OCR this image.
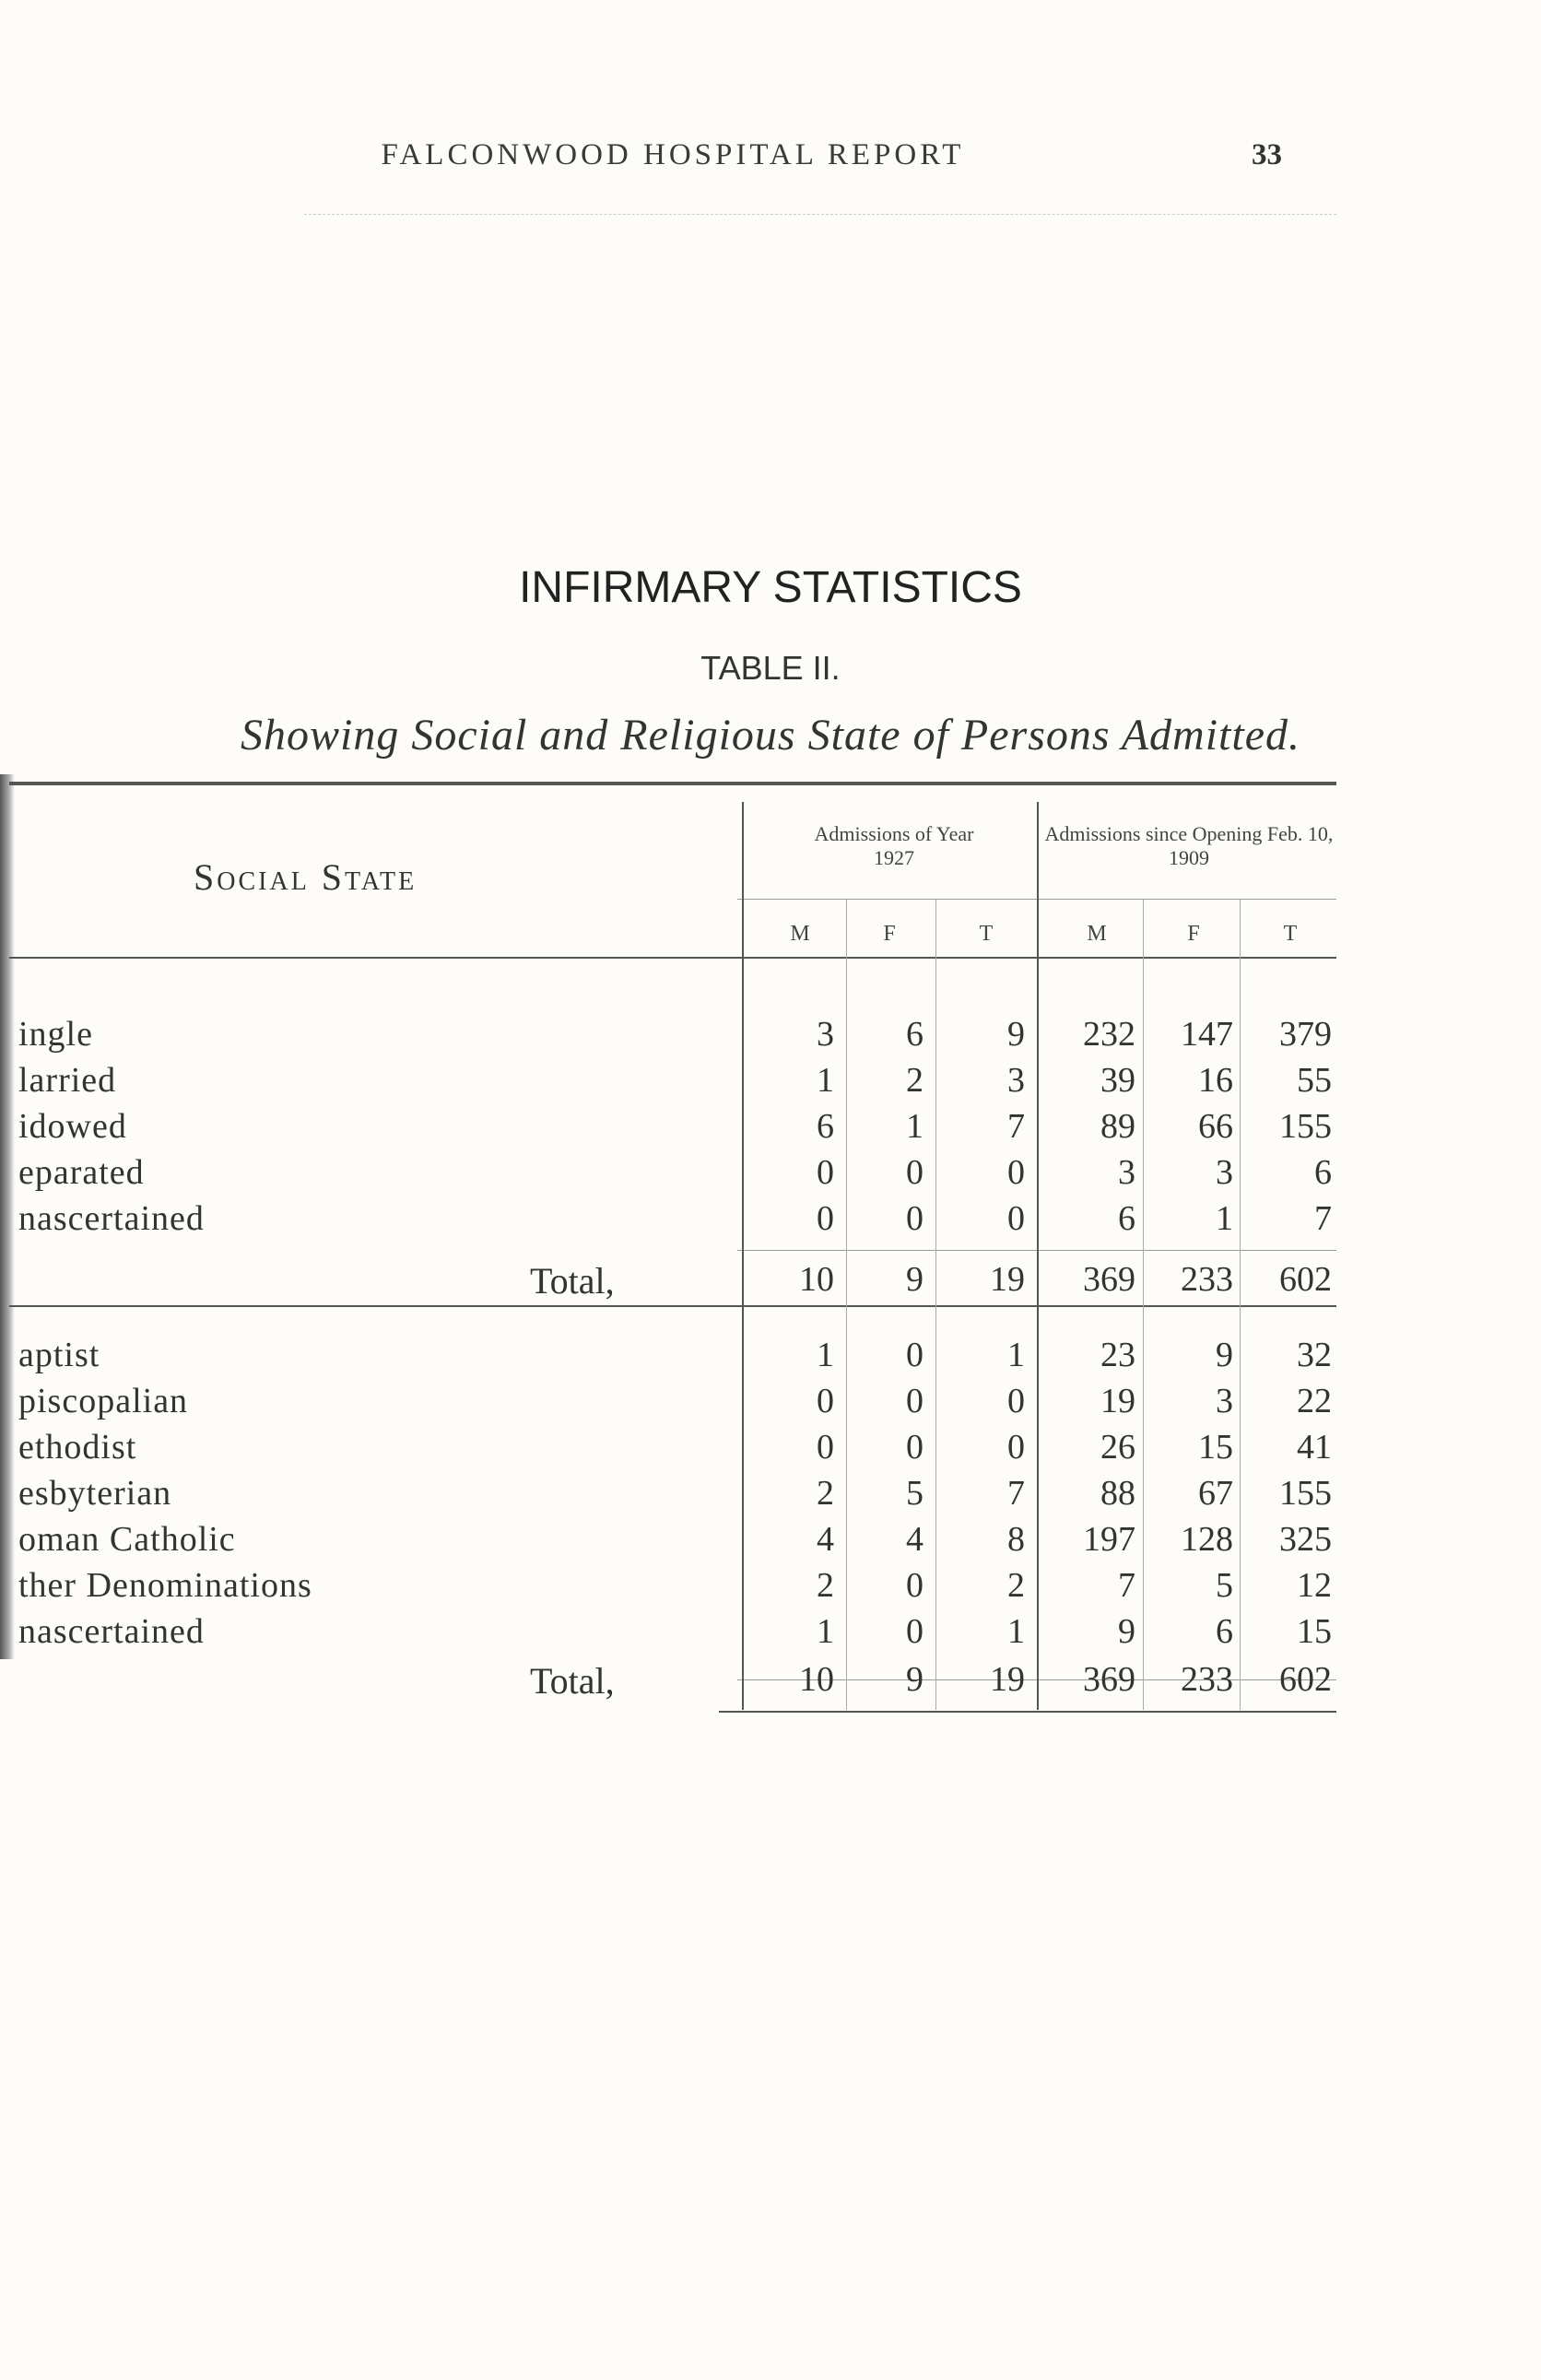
FALCONWOOD HOSPITAL REPORT	33
INFIRMARY STATISTICS
TABLE II.
Showing Social and Religious State of Persons Admitted.
Social State
Admissions of Year 1927
Admissions since Opening Feb. 10, 1909
M	F	T	M	F	T
ingle	3	6	9	232	147	379
larried	1	2	3	39	16	55
idowed	6	1	7	89	66	155
eparated	0	0	0	3	3	6
nascertained	0	0	0	6	1	7
Total,	10	9	19	369	233	602
aptist	1	0	1	23	9	32
piscopalian	0	0	0	19	3	22
ethodist	0	0	0	26	15	41
esbyterian	2	5	7	88	67	155
oman Catholic	4	4	8	197	128	325
ther Denominations	2	0	2	7	5	12
nascertained	1	0	1	9	6	15
Total,	10	9	19	369	233	602
